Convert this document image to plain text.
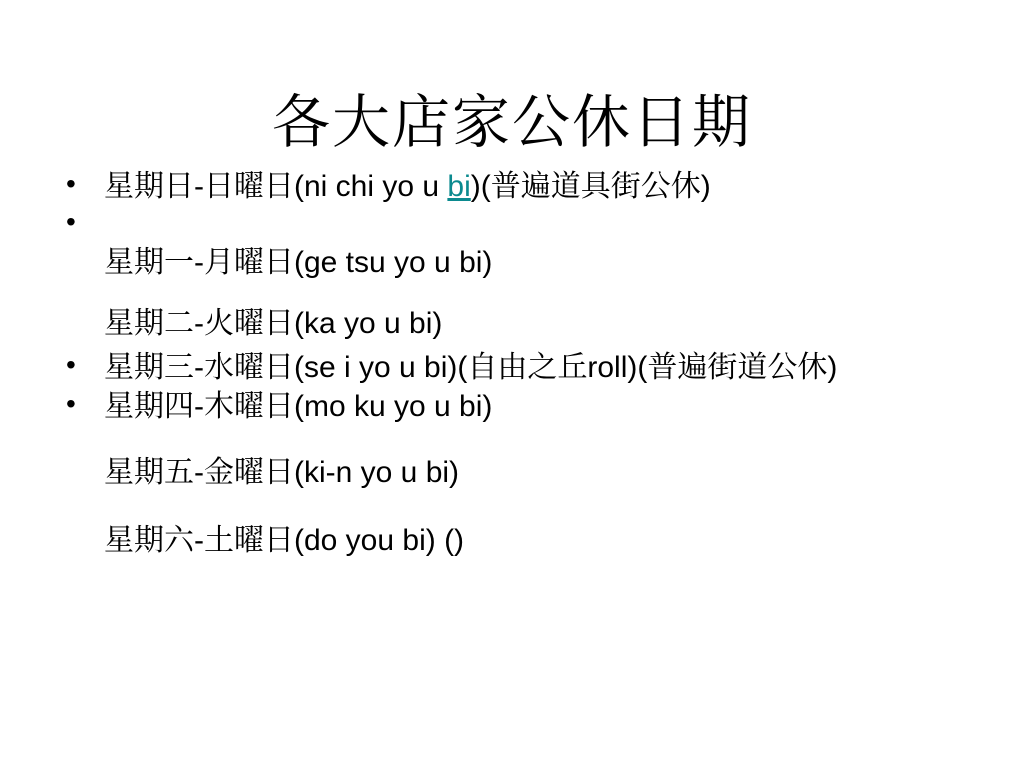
各大店家公休日期
• 星期日-日曜日(ni chi yo u bi)(普遍道具街公休)
•
星期一-月曜日(ge tsu yo u bi)
星期二-火曜日(ka yo u bi)
• 星期三-水曜日(se i yo u bi)(自由之丘roll)(普遍街道公休)
• 星期四-木曜日(mo ku yo u bi)
星期五-金曜日(ki-n yo u bi)
星期六-土曜日(do you bi) ()
